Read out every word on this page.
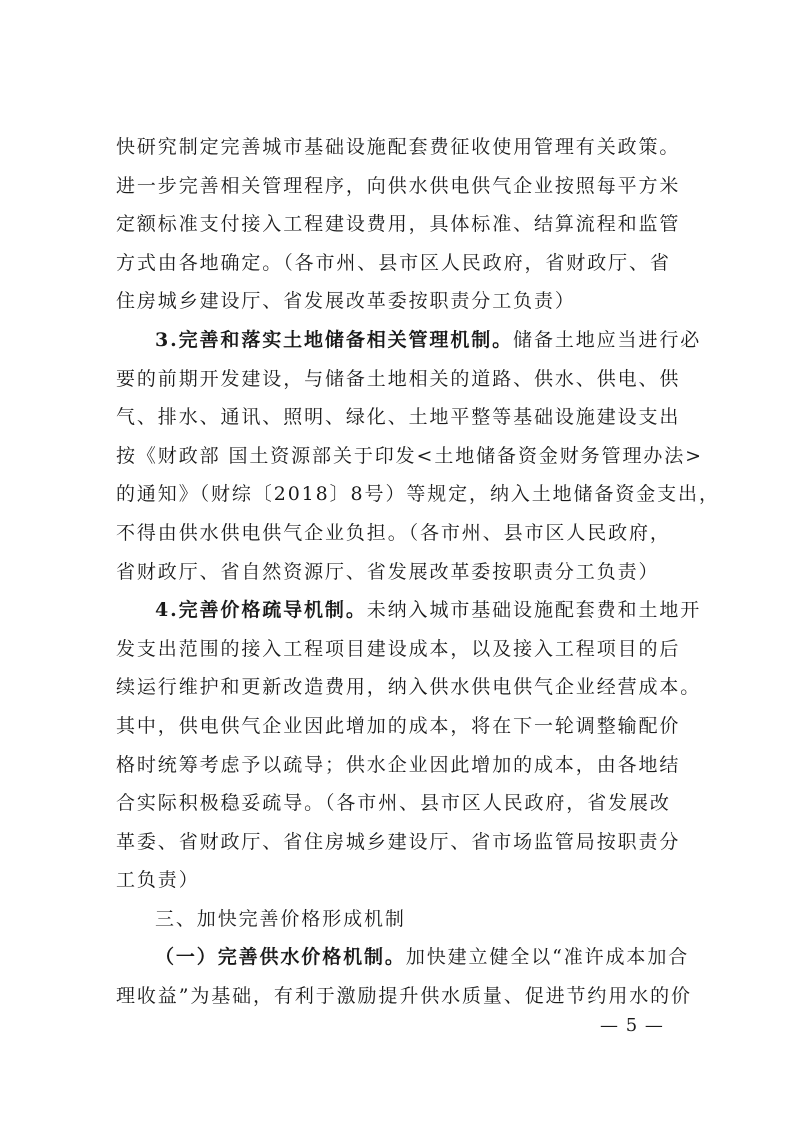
快研究制定完善城市基础设施配套费征收使用管理有关政策。
进一步完善相关管理程序，向供水供电供气企业按照每平方米
定额标准支付接入工程建设费用，具体标准、结算流程和监管
方式由各地确定。（各市州、县市区人民政府，省财政厅、省
住房城乡建设厅、省发展改革委按职责分工负责）
3.完善和落实土地储备相关管理机制。储备土地应当进行必
要的前期开发建设，与储备土地相关的道路、供水、供电、供
气、排水、通讯、照明、绿化、土地平整等基础设施建设支出
按《财政部 国土资源部关于印发<土地储备资金财务管理办法>
的通知》（财综〔2018〕8号）等规定，纳入土地储备资金支出，
不得由供水供电供气企业负担。（各市州、县市区人民政府，
省财政厅、省自然资源厅、省发展改革委按职责分工负责）
4.完善价格疏导机制。未纳入城市基础设施配套费和土地开
发支出范围的接入工程项目建设成本，以及接入工程项目的后
续运行维护和更新改造费用，纳入供水供电供气企业经营成本。
其中，供电供气企业因此增加的成本，将在下一轮调整输配价
格时统筹考虑予以疏导；供水企业因此增加的成本，由各地结
合实际积极稳妥疏导。（各市州、县市区人民政府，省发展改
革委、省财政厅、省住房城乡建设厅、省市场监管局按职责分
工负责）
三、加快完善价格形成机制
（一）完善供水价格机制。加快建立健全以“准许成本加合
理收益”为基础，有利于激励提升供水质量、促进节约用水的价
— 5 —
